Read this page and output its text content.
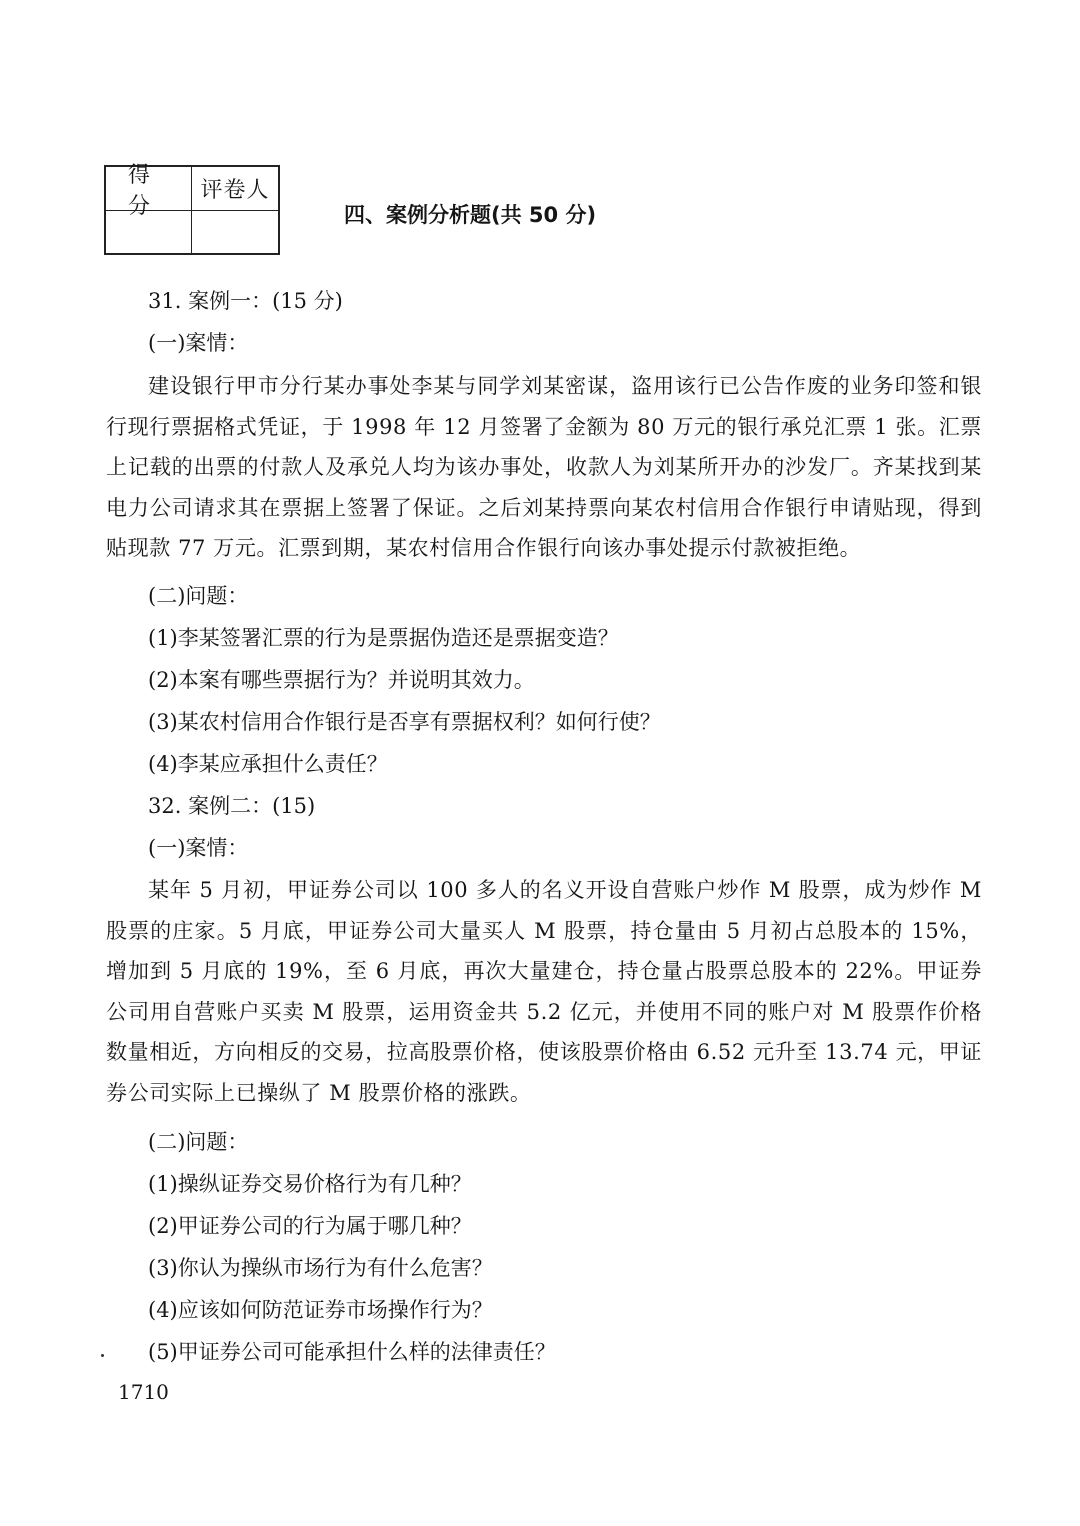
得 分
评卷人
四、案例分析题(共 50 分)
31. 案例一：(15 分)
(一)案情：
建设银行甲市分行某办事处李某与同学刘某密谋，盗用该行已公告作废的业务印签和银行现行票据格式凭证，于 1998 年 12 月签署了金额为 80 万元的银行承兑汇票 1 张。汇票上记载的出票的付款人及承兑人均为该办事处，收款人为刘某所开办的沙发厂。齐某找到某电力公司请求其在票据上签署了保证。之后刘某持票向某农村信用合作银行申请贴现，得到贴现款 77 万元。汇票到期，某农村信用合作银行向该办事处提示付款被拒绝。
(二)问题：
(1)李某签署汇票的行为是票据伪造还是票据变造？
(2)本案有哪些票据行为？并说明其效力。
(3)某农村信用合作银行是否享有票据权利？如何行使？
(4)李某应承担什么责任？
32. 案例二：(15)
(一)案情：
某年 5 月初，甲证券公司以 100 多人的名义开设自营账户炒作 M 股票，成为炒作 M 股票的庄家。5 月底，甲证券公司大量买人 M 股票，持仓量由 5 月初占总股本的 15%，增加到 5 月底的 19%，至 6 月底，再次大量建仓，持仓量占股票总股本的 22%。甲证券公司用自营账户买卖 M 股票，运用资金共 5.2 亿元，并使用不同的账户对 M 股票作价格数量相近，方向相反的交易，拉高股票价格，使该股票价格由 6.52 元升至 13.74 元，甲证券公司实际上已操纵了 M 股票价格的涨跌。
(二)问题：
(1)操纵证券交易价格行为有几种？
(2)甲证券公司的行为属于哪几种？
(3)你认为操纵市场行为有什么危害？
(4)应该如何防范证券市场操作行为？
(5)甲证券公司可能承担什么样的法律责任？
1710
